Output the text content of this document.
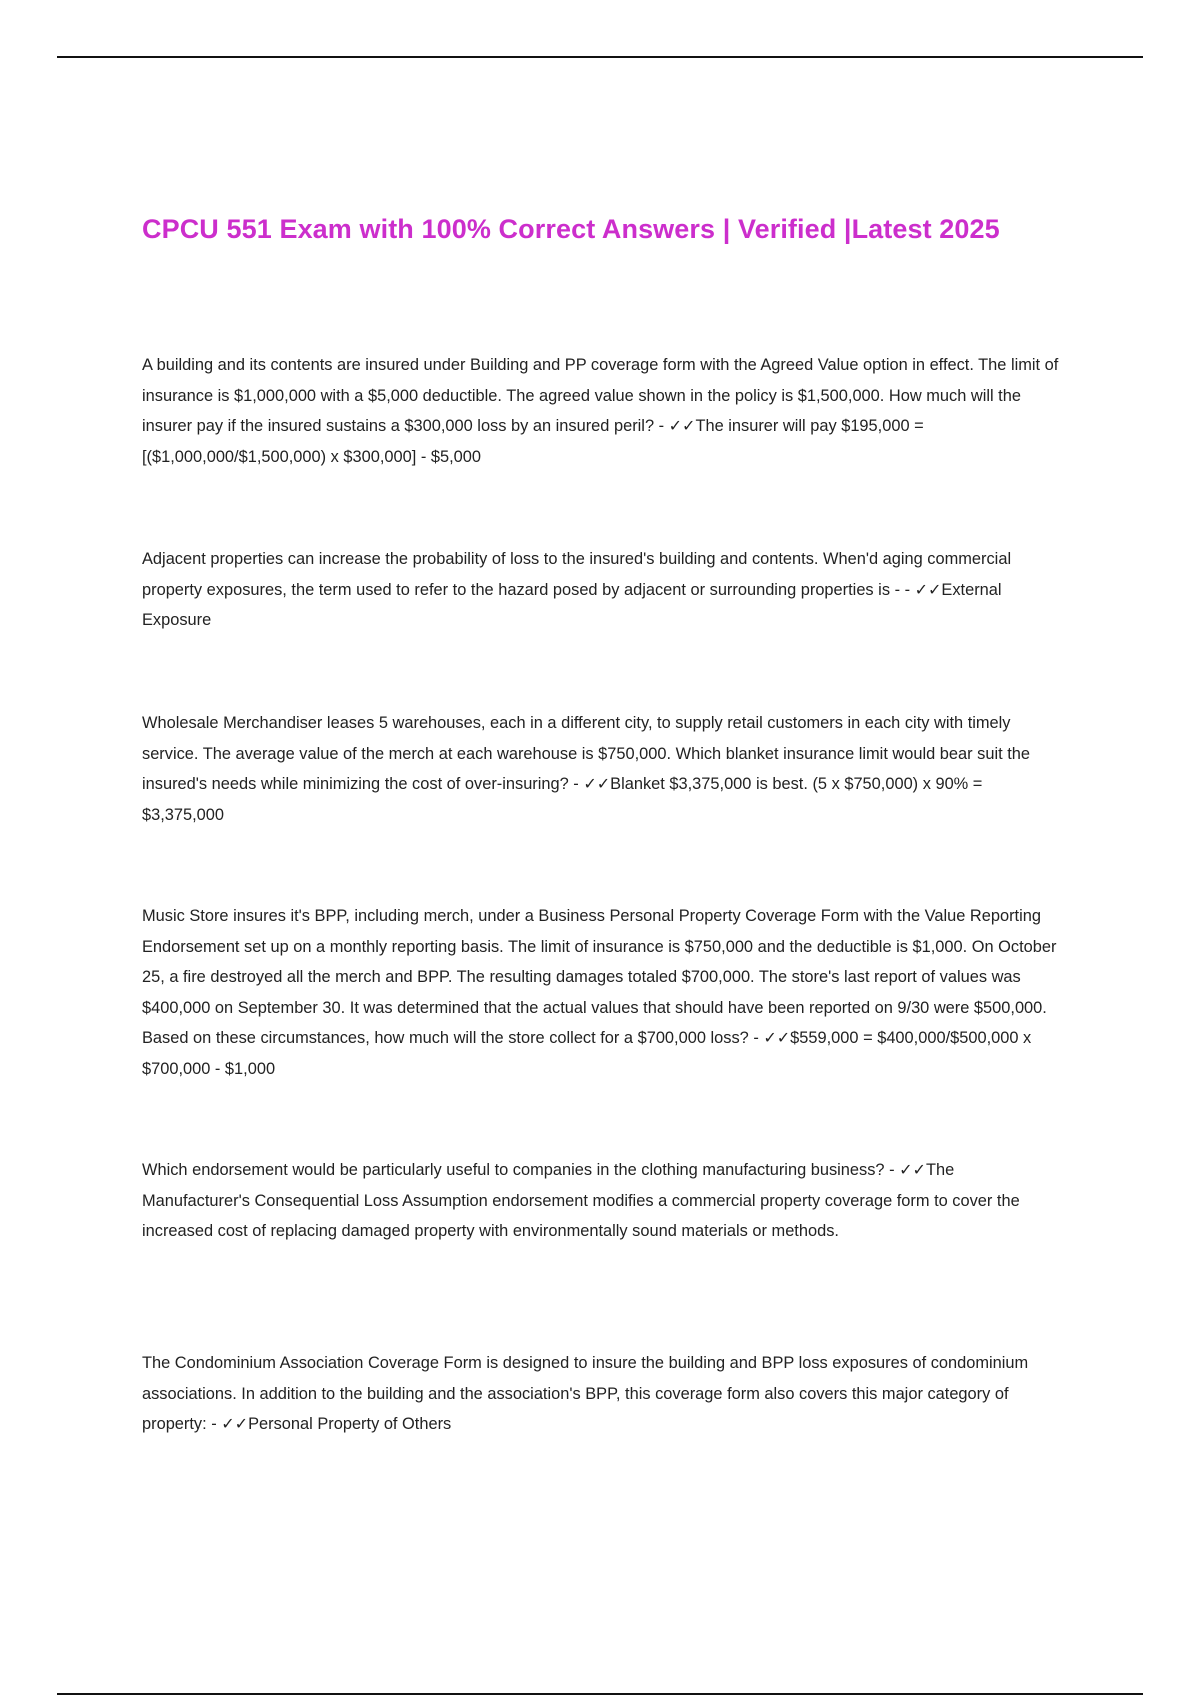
CPCU 551 Exam with 100% Correct Answers | Verified |Latest 2025

A building and its contents are insured under Building and PP coverage form with the Agreed Value option in effect. The limit of insurance is $1,000,000 with a $5,000 deductible. The agreed value shown in the policy is $1,500,000. How much will the insurer pay if the insured sustains a $300,000 loss by an insured peril? - ✓✓The insurer will pay $195,000 = [($1,000,000/$1,500,000) x $300,000] - $5,000

Adjacent properties can increase the probability of loss to the insured's building and contents. When'd aging commercial property exposures, the term used to refer to the hazard posed by adjacent or surrounding properties is - - ✓✓External Exposure

Wholesale Merchandiser leases 5 warehouses, each in a different city, to supply retail customers in each city with timely service. The average value of the merch at each warehouse is $750,000. Which blanket insurance limit would bear suit the insured's needs while minimizing the cost of over-insuring? - ✓✓Blanket $3,375,000 is best. (5 x $750,000) x 90% = $3,375,000

Music Store insures it's BPP, including merch, under a Business Personal Property Coverage Form with the Value Reporting Endorsement set up on a monthly reporting basis. The limit of insurance is $750,000 and the deductible is $1,000. On October 25, a fire destroyed all the merch and BPP. The resulting damages totaled $700,000. The store's last report of values was $400,000 on September 30. It was determined that the actual values that should have been reported on 9/30 were $500,000. Based on these circumstances, how much will the store collect for a $700,000 loss? - ✓✓$559,000 = $400,000/$500,000 x $700,000 - $1,000

Which endorsement would be particularly useful to companies in the clothing manufacturing business? - ✓✓The Manufacturer's Consequential Loss Assumption endorsement modifies a commercial property coverage form to cover the increased cost of replacing damaged property with environmentally sound materials or methods.

The Condominium Association Coverage Form is designed to insure the building and BPP loss exposures of condominium associations. In addition to the building and the association's BPP, this coverage form also covers this major category of property: - ✓✓Personal Property of Others
